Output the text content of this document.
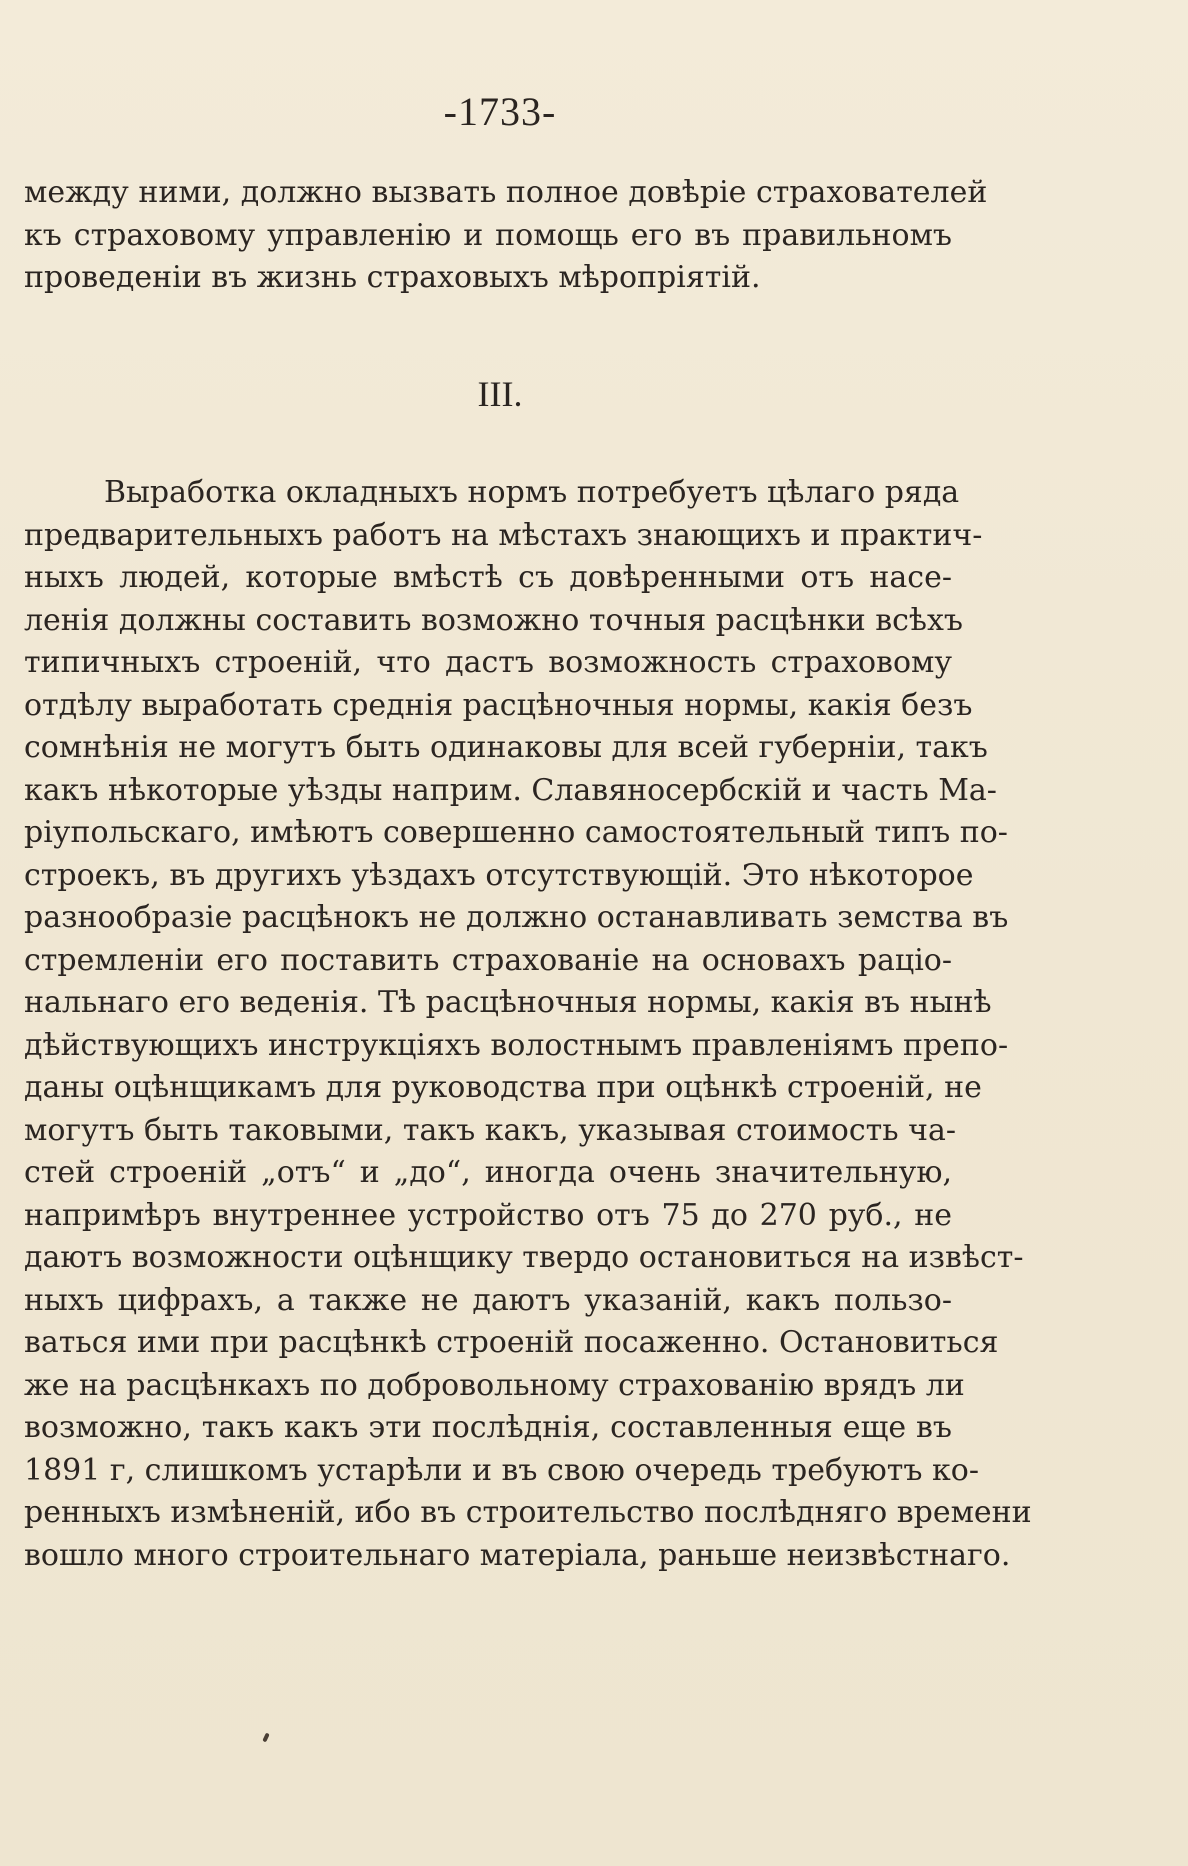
-1733-
между ними, должно вызвать полное довѣріе страхователей
къ страховому управленію и помощь его въ правильномъ
проведеніи въ жизнь страховыхъ мѣропріятій.
III.
Выработка окладныхъ нормъ потребуетъ цѣлаго ряда
предварительныхъ работъ на мѣстахъ знающихъ и практич-
ныхъ людей, которые вмѣстѣ съ довѣренными отъ насе-
ленія должны составить возможно точныя расцѣнки всѣхъ
типичныхъ строеній, что дастъ возможность страховому
отдѣлу выработать среднія расцѣночныя нормы, какія безъ
сомнѣнія не могутъ быть одинаковы для всей губерніи, такъ
какъ нѣкоторые уѣзды наприм. Славяносербскій и часть Ма-
ріупольскаго, имѣютъ совершенно самостоятельный типъ по-
строекъ, въ другихъ уѣздахъ отсутствующій. Это нѣкоторое
разнообразіе расцѣнокъ не должно останавливать земства въ
стремленіи его поставить страхованіе на основахъ раціо-
нальнаго его веденія. Тѣ расцѣночныя нормы, какія въ нынѣ
дѣйствующихъ инструкціяхъ волостнымъ правленіямъ препо-
даны оцѣнщикамъ для руководства при оцѣнкѣ строеній, не
могутъ быть таковыми, такъ какъ, указывая стоимость ча-
стей строеній „отъ“ и „до“, иногда очень значительную,
напримѣръ внутреннее устройство отъ 75 до 270 руб., не
даютъ возможности оцѣнщику твердо остановиться на извѣст-
ныхъ цифрахъ, а также не даютъ указаній, какъ пользо-
ваться ими при расцѣнкѣ строеній посаженно. Остановиться
же на расцѣнкахъ по добровольному страхованію врядъ ли
возможно, такъ какъ эти послѣднія, составленныя еще въ
1891 г, слишкомъ устарѣли и въ свою очередь требуютъ ко-
ренныхъ измѣненій, ибо въ строительство послѣдняго времени
вошло много строительнаго матеріала, раньше неизвѣстнаго.
